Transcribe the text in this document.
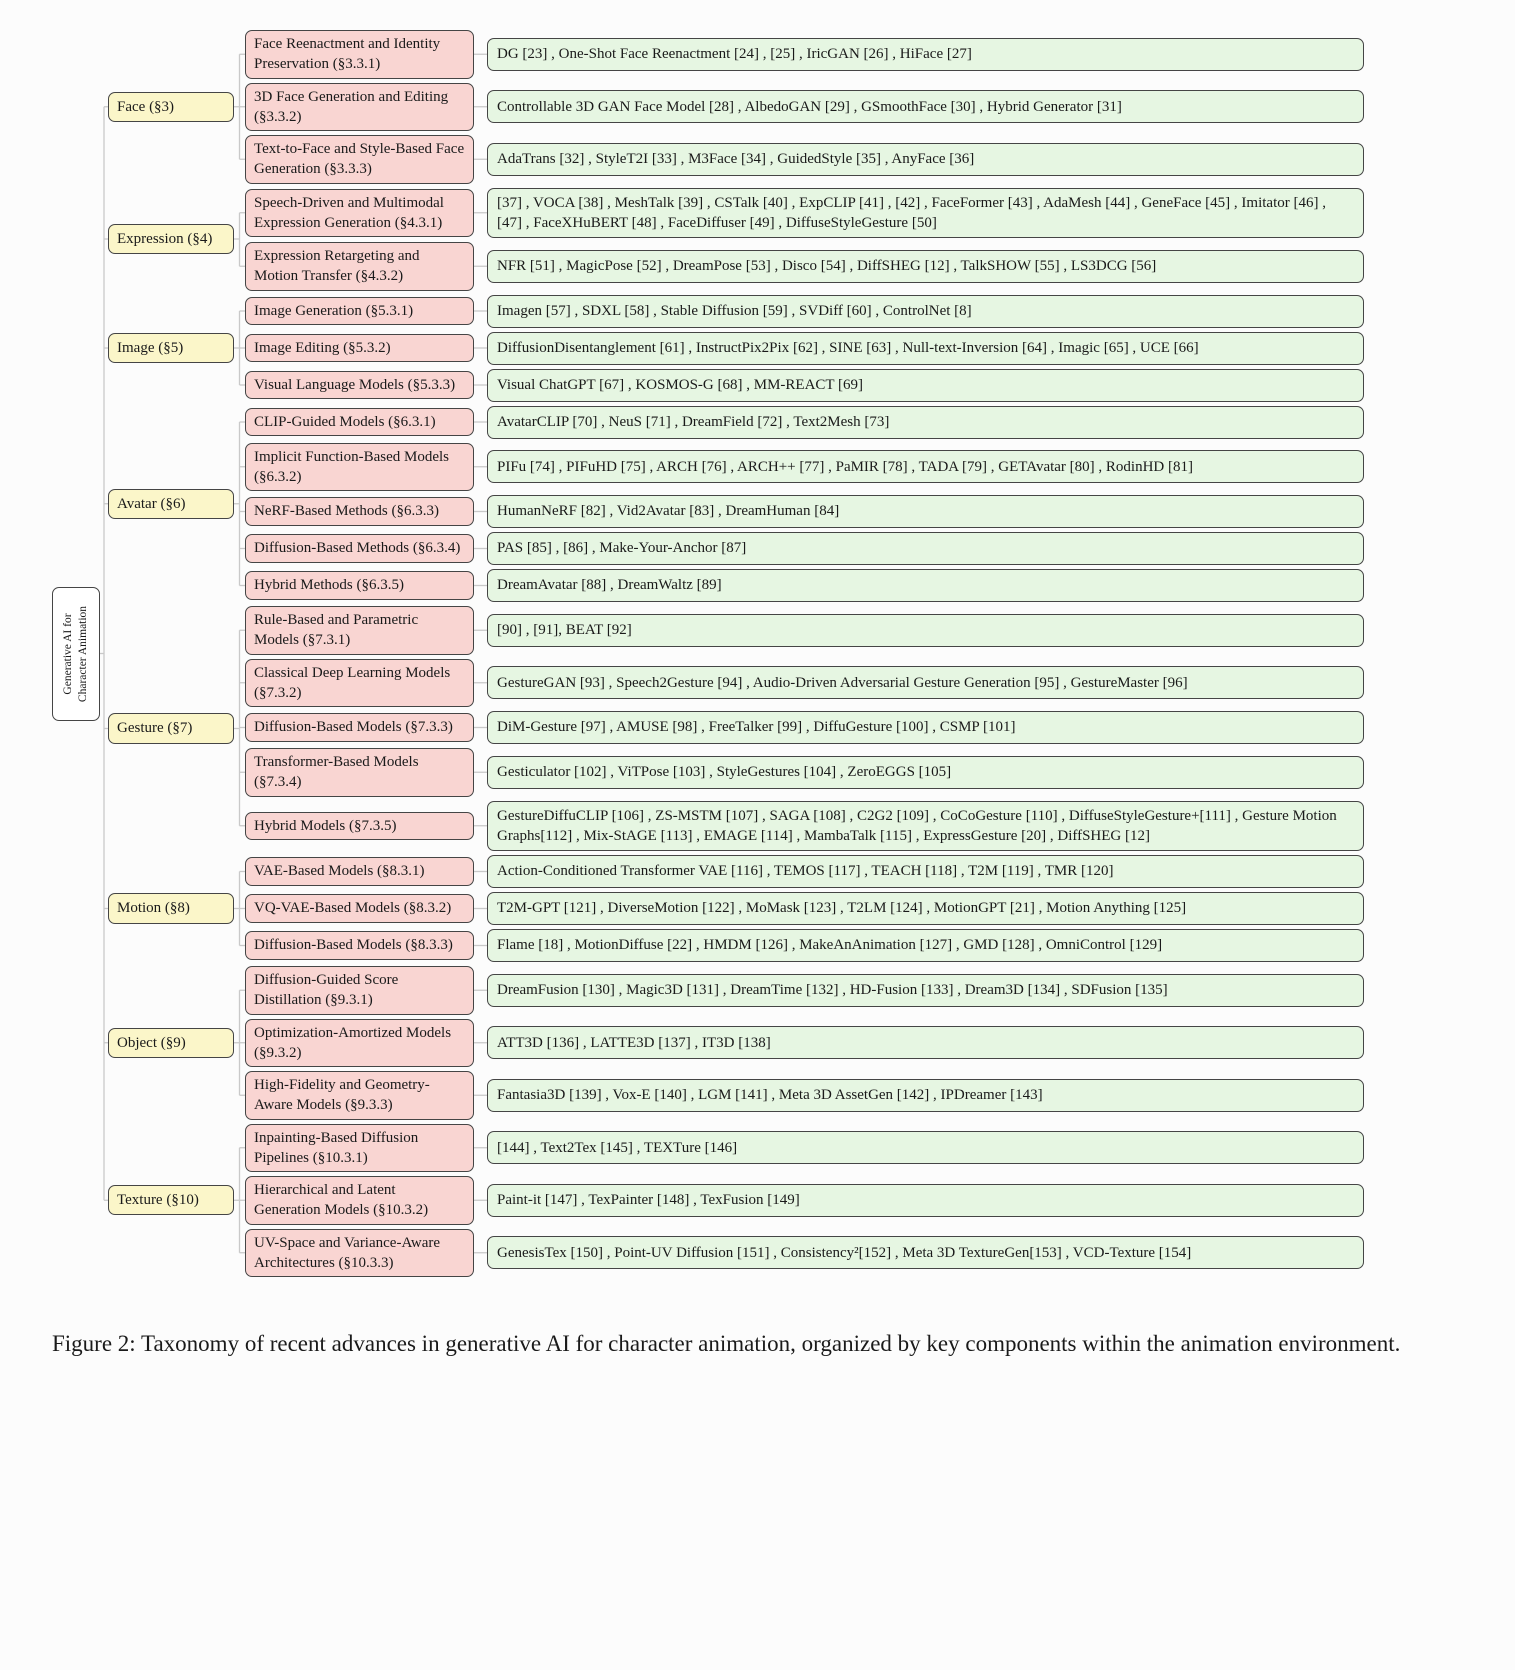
Generative AI for Character Animation
Face (§3)
Face Reenactment and Identity Preservation (§3.3.1)
DG [23] , One-Shot Face Reenactment [24] , [25] , IricGAN [26] , HiFace [27]
3D Face Generation and Editing (§3.3.2)
Controllable 3D GAN Face Model [28] , AlbedoGAN [29] , GSmoothFace [30] , Hybrid Generator [31]
Text-to-Face and Style-Based Face Generation (§3.3.3)
AdaTrans [32] , StyleT2I [33] , M3Face [34] , GuidedStyle [35] , AnyFace [36]
Expression (§4)
Speech-Driven and Multimodal Expression Generation (§4.3.1)
[37] , VOCA [38] , MeshTalk [39] , CSTalk [40] , ExpCLIP [41] , [42] , FaceFormer [43] , AdaMesh [44] , GeneFace [45] , Imitator [46] , [47] , FaceXHuBERT [48] , FaceDiffuser [49] , DiffuseStyleGesture [50]
Expression Retargeting and Motion Transfer (§4.3.2)
NFR [51] , MagicPose [52] , DreamPose [53] , Disco [54] , DiffSHEG [12] , TalkSHOW [55] , LS3DCG [56]
Image (§5)
Image Generation (§5.3.1)	Imagen [57] , SDXL [58] , Stable Diffusion [59] , SVDiff [60] , ControlNet [8]
Image Editing (§5.3.2)	DiffusionDisentanglement [61] , InstructPix2Pix [62] , SINE [63] , Null-text-Inversion [64] , Imagic [65] , UCE [66]
Visual Language Models (§5.3.3)	Visual ChatGPT [67] , KOSMOS-G [68] , MM-REACT [69]
Avatar (§6)
CLIP-Guided Models (§6.3.1)	AvatarCLIP [70] , NeuS [71] , DreamField [72] , Text2Mesh [73]
Implicit Function-Based Models (§6.3.2)
PIFu [74] , PIFuHD [75] , ARCH [76] , ARCH++ [77] , PaMIR [78] , TADA [79] , GETAvatar [80] , RodinHD [81]
NeRF-Based Methods (§6.3.3)	HumanNeRF [82] , Vid2Avatar [83] , DreamHuman [84]
Diffusion-Based Methods (§6.3.4)	PAS [85] , [86] , Make-Your-Anchor [87]
Hybrid Methods (§6.3.5)	DreamAvatar [88] , DreamWaltz [89]
Gesture (§7)
Rule-Based and Parametric Models (§7.3.1)
[90] , [91], BEAT [92]
Classical Deep Learning Models (§7.3.2)
GestureGAN [93] , Speech2Gesture [94] , Audio-Driven Adversarial Gesture Generation [95] , GestureMaster [96]
Diffusion-Based Models (§7.3.3)	DiM-Gesture [97] , AMUSE [98] , FreeTalker [99] , DiffuGesture [100] , CSMP [101]
Transformer-Based Models (§7.3.4)
Gesticulator [102] , ViTPose [103] , StyleGestures [104] , ZeroEGGS [105]
Hybrid Models (§7.3.5)
GestureDiffuCLIP [106] , ZS-MSTM [107] , SAGA [108] , C2G2 [109] , CoCoGesture [110] , DiffuseStyleGesture+[111] , Gesture Motion Graphs[112] , Mix-StAGE [113] , EMAGE [114] , MambaTalk [115] , ExpressGesture [20] , DiffSHEG [12]
Motion (§8)
VAE-Based Models (§8.3.1)	Action-Conditioned Transformer VAE [116] , TEMOS [117] , TEACH [118] , T2M [119] , TMR [120]
VQ-VAE-Based Models (§8.3.2)	T2M-GPT [121] , DiverseMotion [122] , MoMask [123] , T2LM [124] , MotionGPT [21] , Motion Anything [125]
Diffusion-Based Models (§8.3.3)	Flame [18] , MotionDiffuse [22] , HMDM [126] , MakeAnAnimation [127] , GMD [128] , OmniControl [129]
Object (§9)
Diffusion-Guided Score Distillation (§9.3.1)
DreamFusion [130] , Magic3D [131] , DreamTime [132] , HD-Fusion [133] , Dream3D [134] , SDFusion [135]
Optimization-Amortized Models (§9.3.2)
ATT3D [136] , LATTE3D [137] , IT3D [138]
High-Fidelity and Geometry-Aware Models (§9.3.3)
Fantasia3D [139] , Vox-E [140] , LGM [141] , Meta 3D AssetGen [142] , IPDreamer [143]
Texture (§10)
Inpainting-Based Diffusion Pipelines (§10.3.1)
[144] , Text2Tex [145] , TEXTure [146]
Hierarchical and Latent Generation Models (§10.3.2)
Paint-it [147] , TexPainter [148] , TexFusion [149]
UV-Space and Variance-Aware Architectures (§10.3.3)
GenesisTex [150] , Point-UV Diffusion [151] , Consistency²[152] , Meta 3D TextureGen[153] , VCD-Texture [154]

Figure 2: Taxonomy of recent advances in generative AI for character animation, organized by key components within the animation environment.
